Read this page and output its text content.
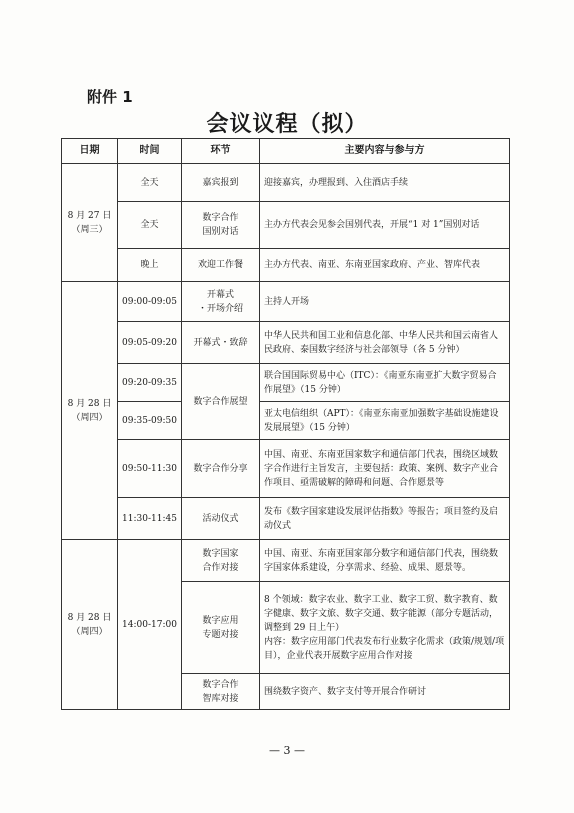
附件 1
会议议程（拟）
日期	时间	环节	主要内容与参与方
8 月 27 日
（周三）	全天	嘉宾报到	迎接嘉宾，办理报到、入住酒店手续
	全天	数字合作
国别对话	主办方代表会见参会国别代表，开展“1 对 1”国别对话
	晚上	欢迎工作餐	主办方代表、南亚、东南亚国家政府、产业、智库代表
8 月 28 日
（周四）	09:00-09:05	开幕式
・开场介绍	主持人开场
	09:05-09:20	开幕式・致辞	中华人民共和国工业和信息化部、中华人民共和国云南省人民政府、泰国数字经济与社会部领导（各 5 分钟）
	09:20-09:35	数字合作展望	联合国国际贸易中心（ITC）：《南亚东南亚扩大数字贸易合作展望》（15 分钟）
	09:35-09:50		亚太电信组织（APT）：《南亚东南亚加强数字基础设施建设发展展望》（15 分钟）
	09:50-11:30	数字合作分享	中国、南亚、东南亚国家数字和通信部门代表，围绕区域数字合作进行主旨发言，主要包括：政策、案例、数字产业合作项目、亟需破解的障碍和问题、合作愿景等
	11:30-11:45	活动仪式	发布《数字国家建设发展评估指数》等报告；项目签约及启动仪式
8 月 28 日
（周四）	14:00-17:00	数字国家
合作对接	中国、南亚、东南亚国家部分数字和通信部门代表，围绕数字国家体系建设，分享需求、经验、成果、愿景等。
		数字应用
专题对接	8 个领域：数字农业、数字工业、数字工贸、数字教育、数字健康、数字文旅、数字交通、数字能源（部分专题活动，调整到 29 日上午）
内容：数字应用部门代表发布行业数字化需求（政策/规划/项目），企业代表开展数字应用合作对接
		数字合作
智库对接	围绕数字资产、数字支付等开展合作研讨
— 3 —
